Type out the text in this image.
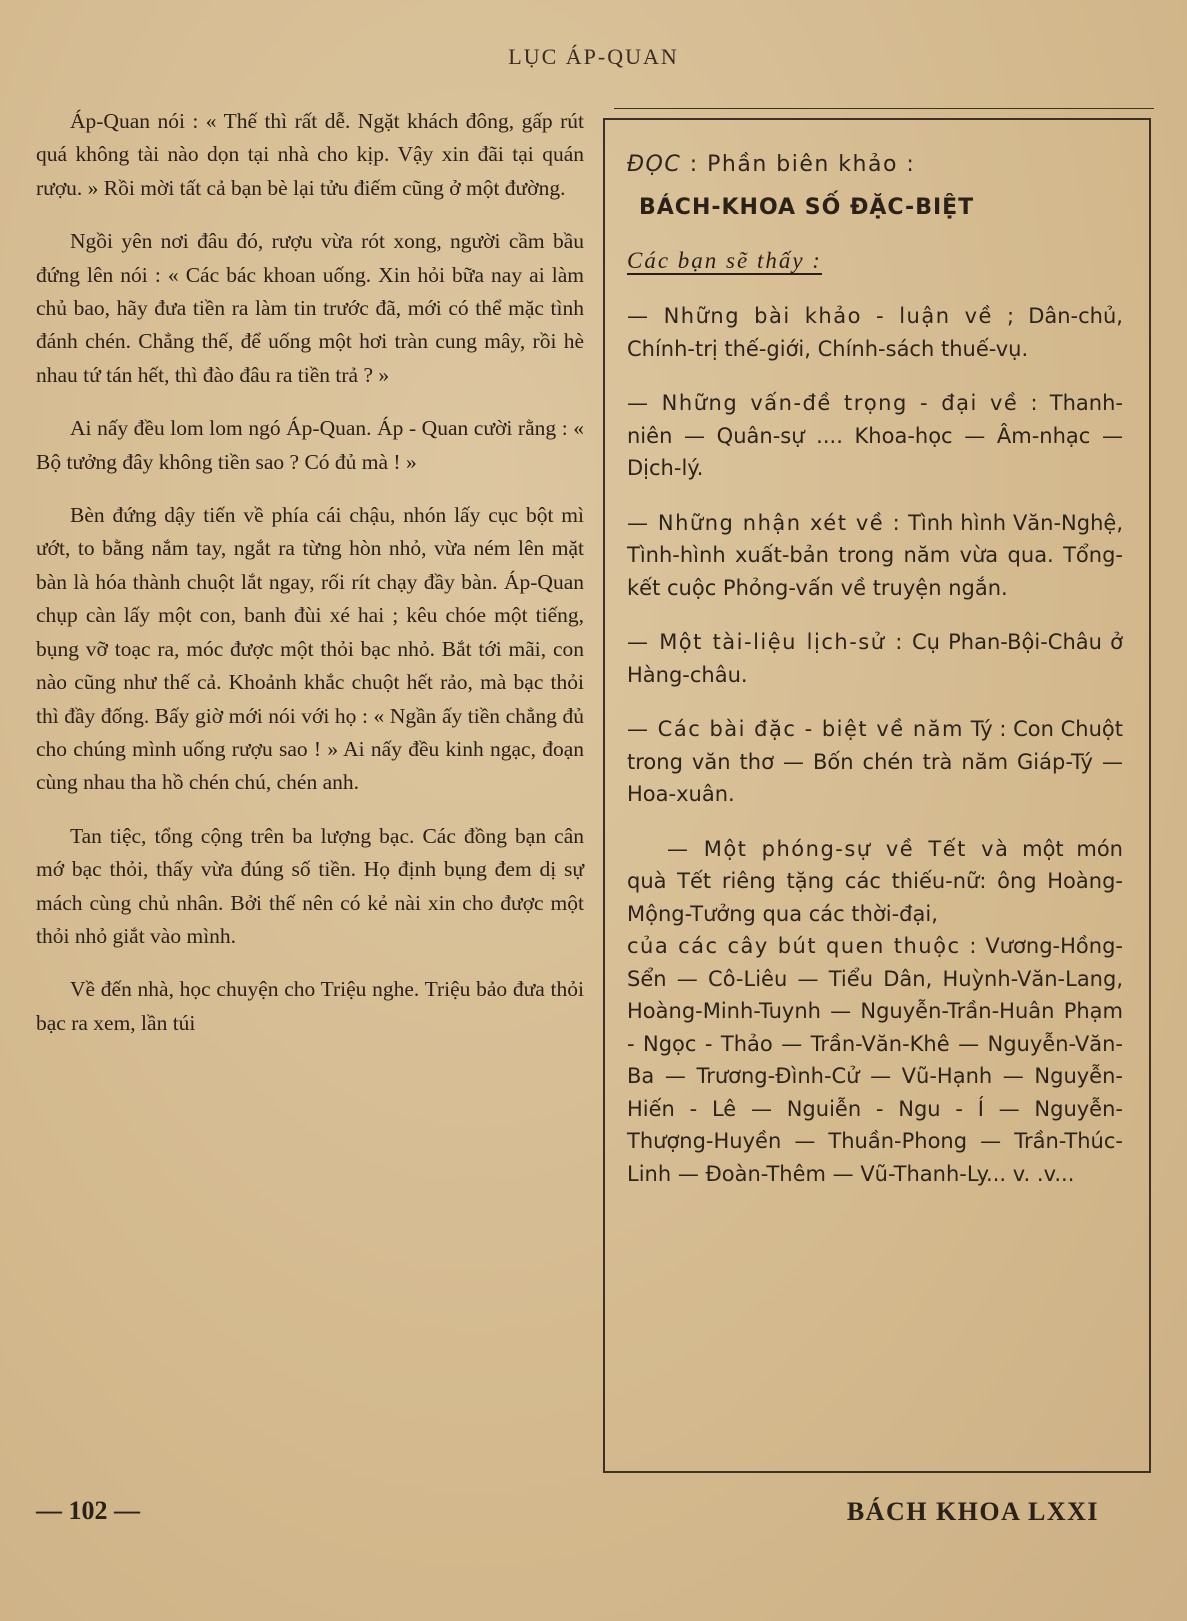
LỤC ÁP-QUAN

Áp-Quan nói : « Thế thì rất dễ. Ngặt khách đông, gấp rút quá không tài nào dọn tại nhà cho kịp. Vậy xin đãi tại quán rượu. » Rồi mời tất cả bạn bè lại tửu điếm cũng ở một đường.

Ngồi yên nơi đâu đó, rượu vừa rót xong, người cầm bầu đứng lên nói : « Các bác khoan uống. Xin hỏi bữa nay ai làm chủ bao, hãy đưa tiền ra làm tin trước đã, mới có thể mặc tình đánh chén. Chẳng thế, để uống một hơi tràn cung mây, rồi hè nhau tứ tán hết, thì đào đâu ra tiền trả ? »

Ai nấy đều lom lom ngó Áp-Quan. Áp - Quan cười rằng : « Bộ tưởng đây không tiền sao ? Có đủ mà ! »

Bèn đứng dậy tiến về phía cái chậu, nhón lấy cục bột mì ướt, to bằng nắm tay, ngắt ra từng hòn nhỏ, vừa ném lên mặt bàn là hóa thành chuột lắt ngay, rối rít chạy đầy bàn. Áp-Quan chụp càn lấy một con, banh đùi xé hai ; kêu chóe một tiếng, bụng vỡ toạc ra, móc được một thỏi bạc nhỏ. Bắt tới mãi, con nào cũng như thế cả. Khoảnh khắc chuột hết rảo, mà bạc thỏi thì đầy đống. Bấy giờ mới nói với họ : « Ngần ấy tiền chẳng đủ cho chúng mình uống rượu sao ! » Ai nấy đều kinh ngạc, đoạn cùng nhau tha hồ chén chú, chén anh.

Tan tiệc, tổng cộng trên ba lượng bạc. Các đồng bạn cân mớ bạc thỏi, thấy vừa đúng số tiền. Họ định bụng đem dị sự mách cùng chủ nhân. Bởi thế nên có kẻ nài xin cho được một thỏi nhỏ giắt vào mình.

Về đến nhà, học chuyện cho Triệu nghe. Triệu bảo đưa thỏi bạc ra xem, lần túi

ĐỌC : Phần biên khảo :
BÁCH-KHOA SỐ ĐẶC-BIỆT
Các bạn sẽ thấy :
— Những bài khảo - luận về ; Dân-chủ, Chính-trị thế-giới, Chính-sách thuế-vụ.
— Những vấn-đề trọng - đại về : Thanh-niên — Quân-sự .... Khoa-học — Âm-nhạc — Dịch-lý.
— Những nhận xét về : Tình hình Văn-Nghệ, Tình-hình xuất-bản trong năm vừa qua. Tổng-kết cuộc Phỏng-vấn về truyện ngắn.
— Một tài-liệu lịch-sử : Cụ Phan-Bội-Châu ở Hàng-châu.
— Các bài đặc - biệt về năm Tý : Con Chuột trong văn thơ — Bốn chén trà năm Giáp-Tý — Hoa-xuân.
— Một phóng-sự về Tết và một món quà Tết riêng tặng các thiếu-nữ: ông Hoàng-Mộng-Tưởng qua các thời-đại,
của các cây bút quen thuộc : Vương-Hồng-Sển — Cô-Liêu — Tiểu Dân, Huỳnh-Văn-Lang, Hoàng-Minh-Tuynh — Nguyễn-Trần-Huân Phạm - Ngọc - Thảo — Trần-Văn-Khê — Nguyễn-Văn-Ba — Trương-Đình-Cử — Vũ-Hạnh — Nguyễn-Hiến - Lê — Nguiễn - Ngu - Í — Nguyễn-Thượng-Huyền — Thuần-Phong — Trần-Thúc-Linh — Đoàn-Thêm — Vũ-Thanh-Ly... v. .v...
— 102 —	BÁCH KHOA LXXI
